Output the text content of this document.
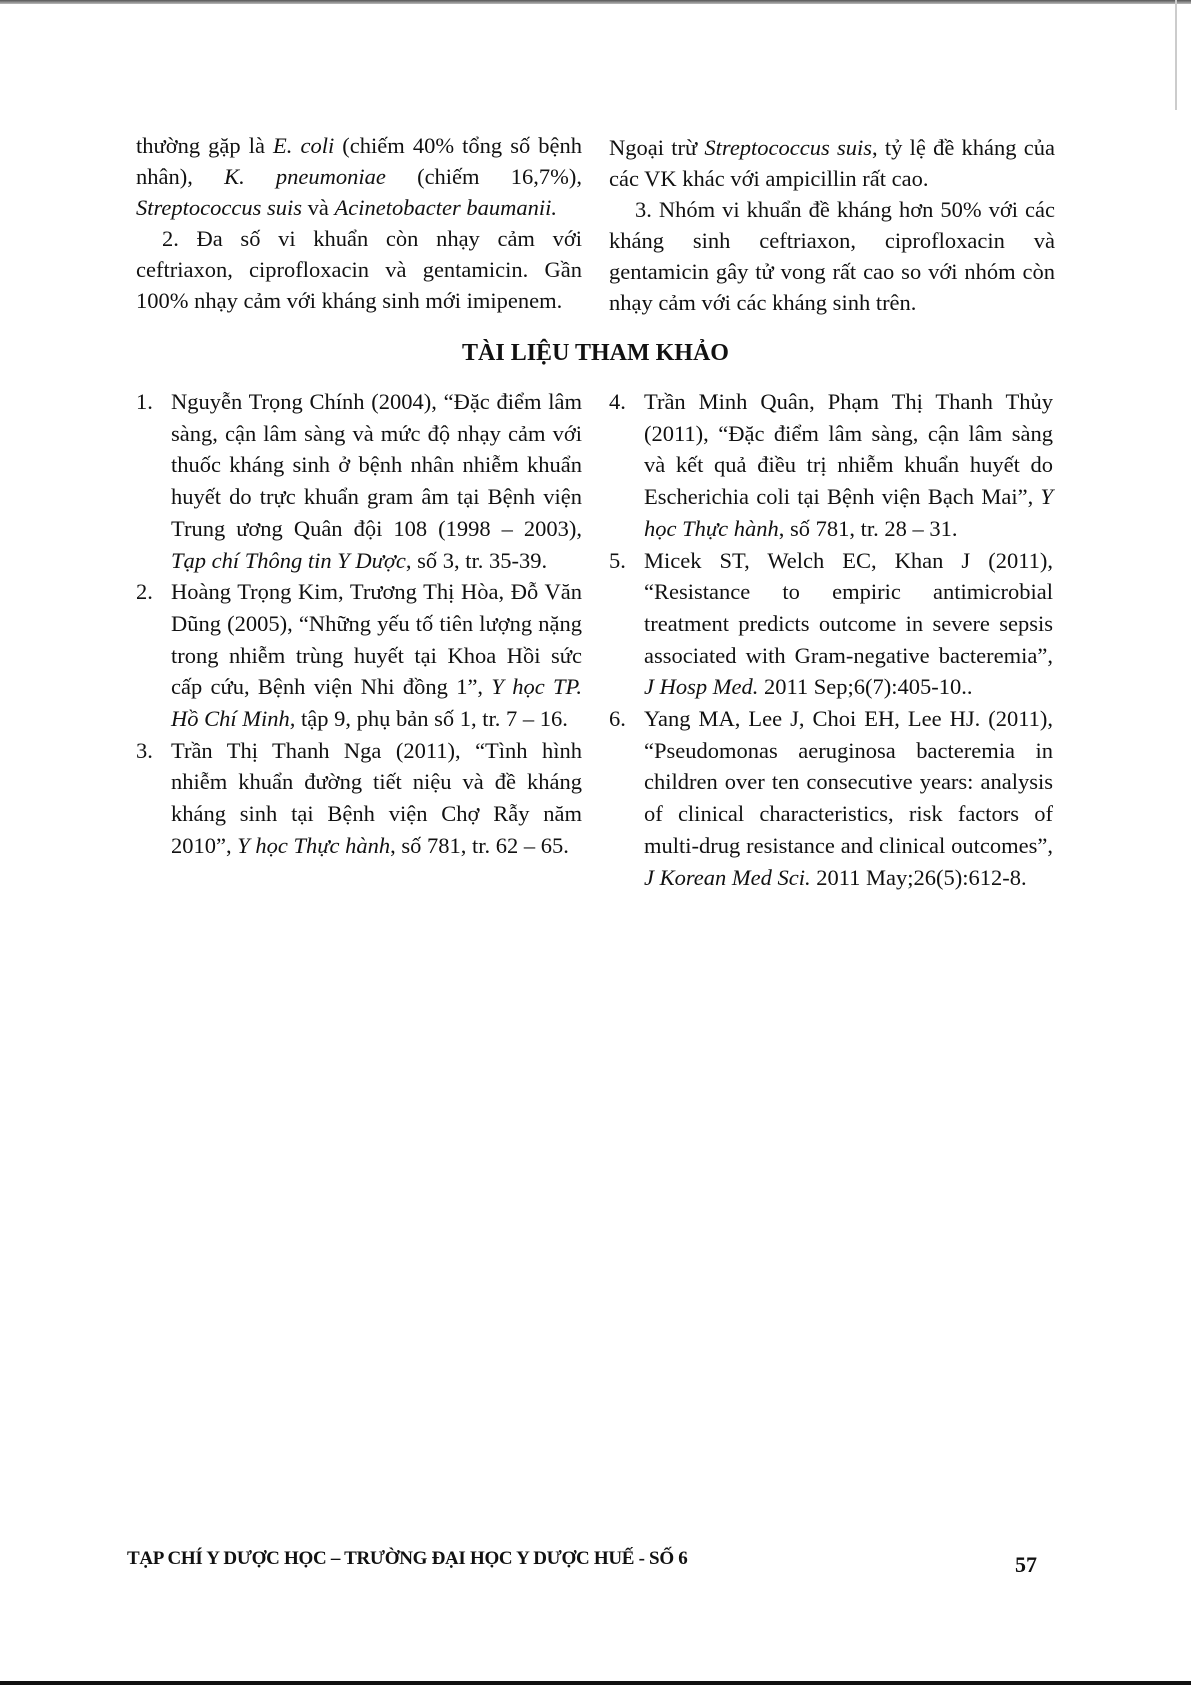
thường gặp là E. coli (chiếm 40% tổng số bệnh nhân), K. pneumoniae (chiếm 16,7%), Streptococcus suis và Acinetobacter baumanii.

2. Đa số vi khuẩn còn nhạy cảm với ceftriaxon, ciprofloxacin và gentamicin. Gần 100% nhạy cảm với kháng sinh mới imipenem.

Ngoại trừ Streptococcus suis, tỷ lệ đề kháng của các VK khác với ampicillin rất cao.

3. Nhóm vi khuẩn đề kháng hơn 50% với các kháng sinh ceftriaxon, ciprofloxacin và gentamicin gây tử vong rất cao so với nhóm còn nhạy cảm với các kháng sinh trên.

TÀI LIỆU THAM KHẢO
1. Nguyễn Trọng Chính (2004), “Đặc điểm lâm sàng, cận lâm sàng và mức độ nhạy cảm với thuốc kháng sinh ở bệnh nhân nhiễm khuẩn huyết do trực khuẩn gram âm tại Bệnh viện Trung ương Quân đội 108 (1998 – 2003), Tạp chí Thông tin Y Dược, số 3, tr. 35-39.
2. Hoàng Trọng Kim, Trương Thị Hòa, Đỗ Văn Dũng (2005), “Những yếu tố tiên lượng nặng trong nhiễm trùng huyết tại Khoa Hồi sức cấp cứu, Bệnh viện Nhi đồng 1”, Y học TP. Hồ Chí Minh, tập 9, phụ bản số 1, tr. 7 – 16.
3. Trần Thị Thanh Nga (2011), “Tình hình nhiễm khuẩn đường tiết niệu và đề kháng kháng sinh tại Bệnh viện Chợ Rẫy năm 2010”, Y học Thực hành, số 781, tr. 62 – 65.
4. Trần Minh Quân, Phạm Thị Thanh Thủy (2011), “Đặc điểm lâm sàng, cận lâm sàng và kết quả điều trị nhiễm khuẩn huyết do Escherichia coli tại Bệnh viện Bạch Mai”, Y học Thực hành, số 781, tr. 28 – 31.
5. Micek ST, Welch EC, Khan J (2011), “Resistance to empiric antimicrobial treatment predicts outcome in severe sepsis associated with Gram-negative bacteremia”, J Hosp Med. 2011 Sep;6(7):405-10..
6. Yang MA, Lee J, Choi EH, Lee HJ. (2011), “Pseudomonas aeruginosa bacteremia in children over ten consecutive years: analysis of clinical characteristics, risk factors of multi-drug resistance and clinical outcomes”, J Korean Med Sci. 2011 May;26(5):612-8.
TẠP CHÍ Y DƯỢC HỌC – TRƯỜNG ĐẠI HỌC Y DƯỢC HUẾ - SỐ 6	57
